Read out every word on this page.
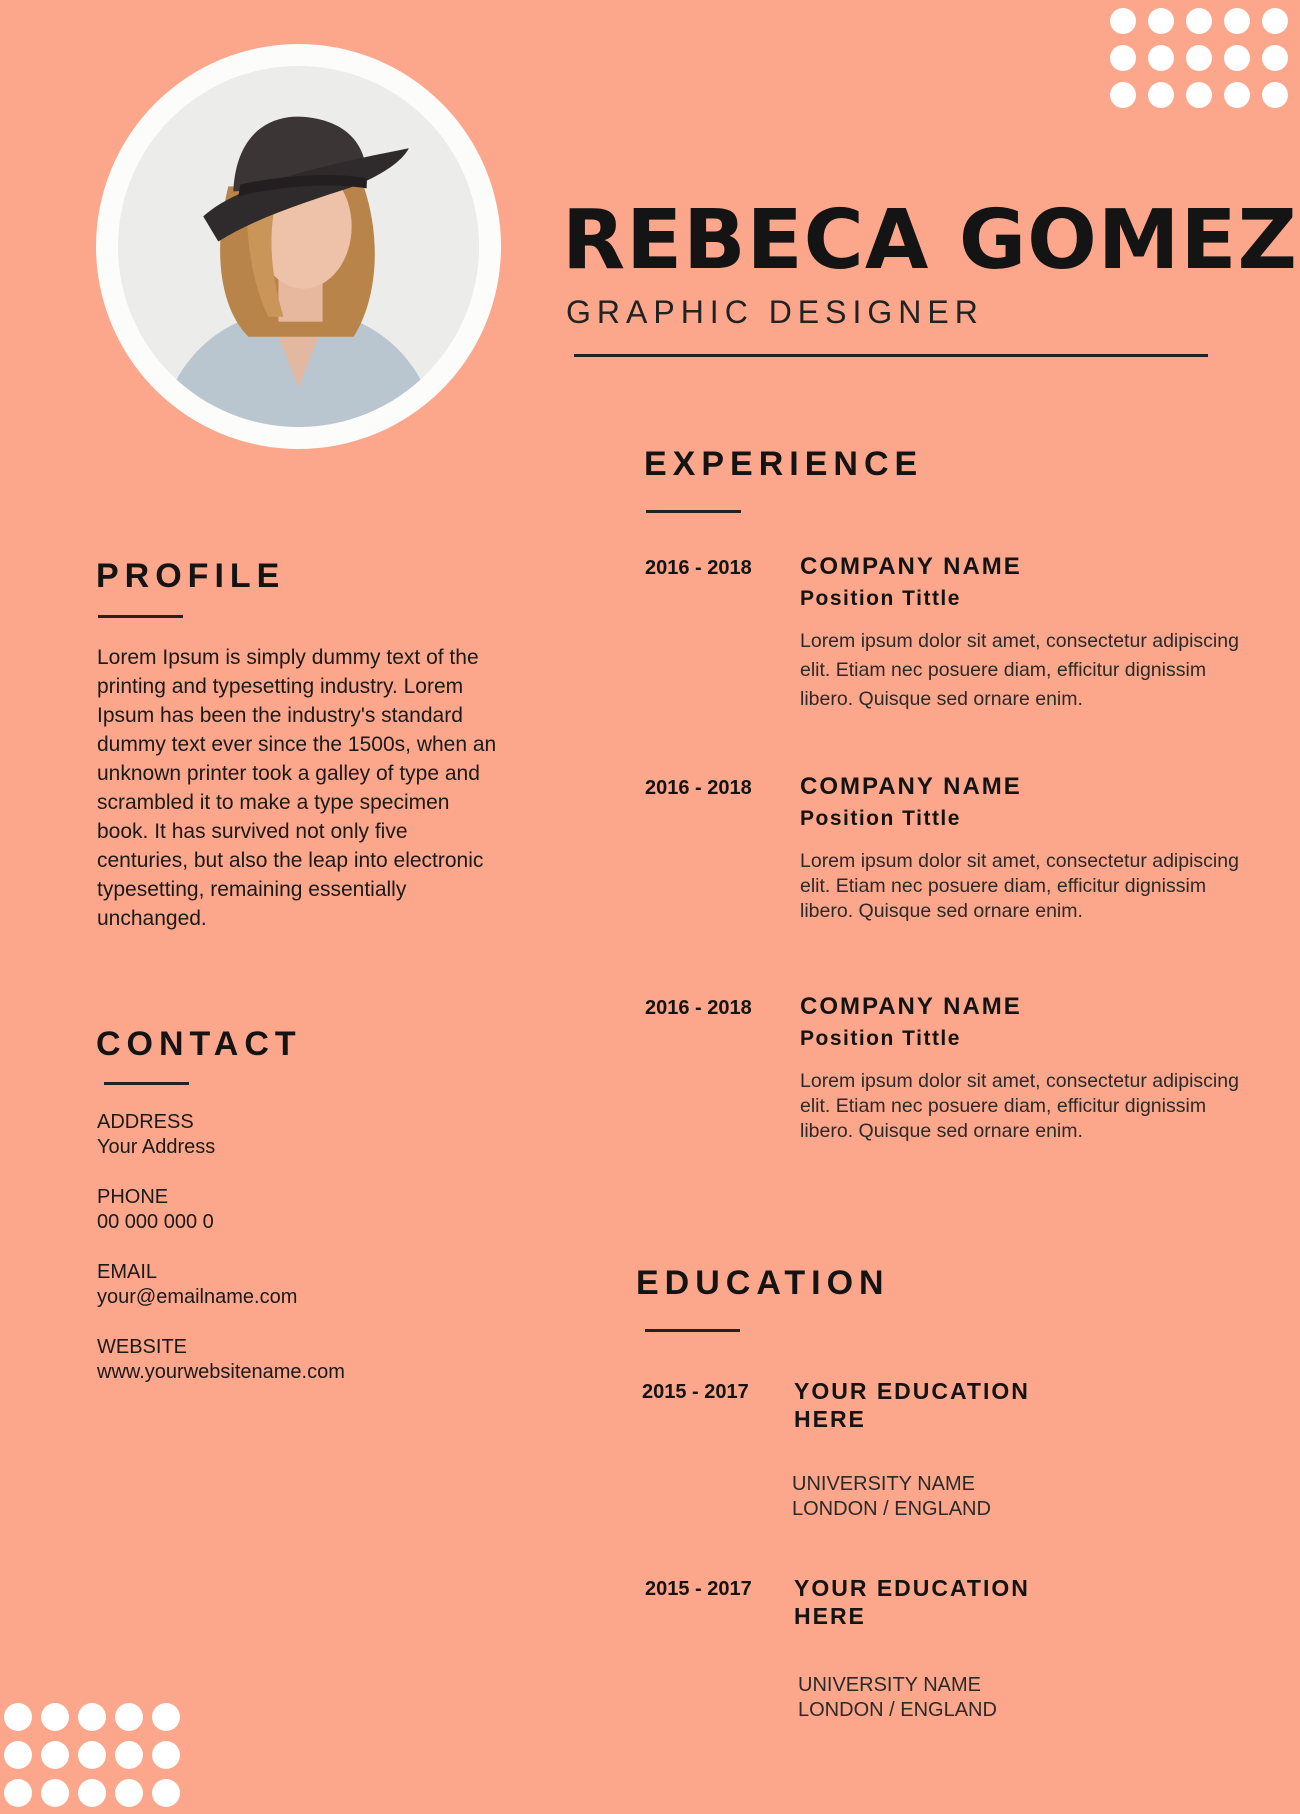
REBECA GOMEZ
GRAPHIC DESIGNER
PROFILE
Lorem Ipsum is simply dummy text of the printing and typesetting industry. Lorem Ipsum has been the industry's standard dummy text ever since the 1500s, when an unknown printer took a galley of type and scrambled it to make a type specimen book. It has survived not only five centuries, but also the leap into electronic typesetting, remaining essentially unchanged.
CONTACT
ADDRESS
Your Address
PHONE
00 000 000 0
EMAIL
your@emailname.com
WEBSITE
www.yourwebsitename.com
EXPERIENCE
2016 - 2018 COMPANY NAME
Position Tittle
Lorem ipsum dolor sit amet, consectetur adipiscing elit. Etiam nec posuere diam, efficitur dignissim libero. Quisque sed ornare enim.
2016 - 2018 COMPANY NAME
Position Tittle
Lorem ipsum dolor sit amet, consectetur adipiscing elit. Etiam nec posuere diam, efficitur dignissim libero. Quisque sed ornare enim.
2016 - 2018 COMPANY NAME
Position Tittle
Lorem ipsum dolor sit amet, consectetur adipiscing elit. Etiam nec posuere diam, efficitur dignissim libero. Quisque sed ornare enim.
EDUCATION
2015 - 2017 YOUR EDUCATION HERE
UNIVERSITY NAME
LONDON / ENGLAND
2015 - 2017 YOUR EDUCATION HERE
UNIVERSITY NAME
LONDON / ENGLAND
